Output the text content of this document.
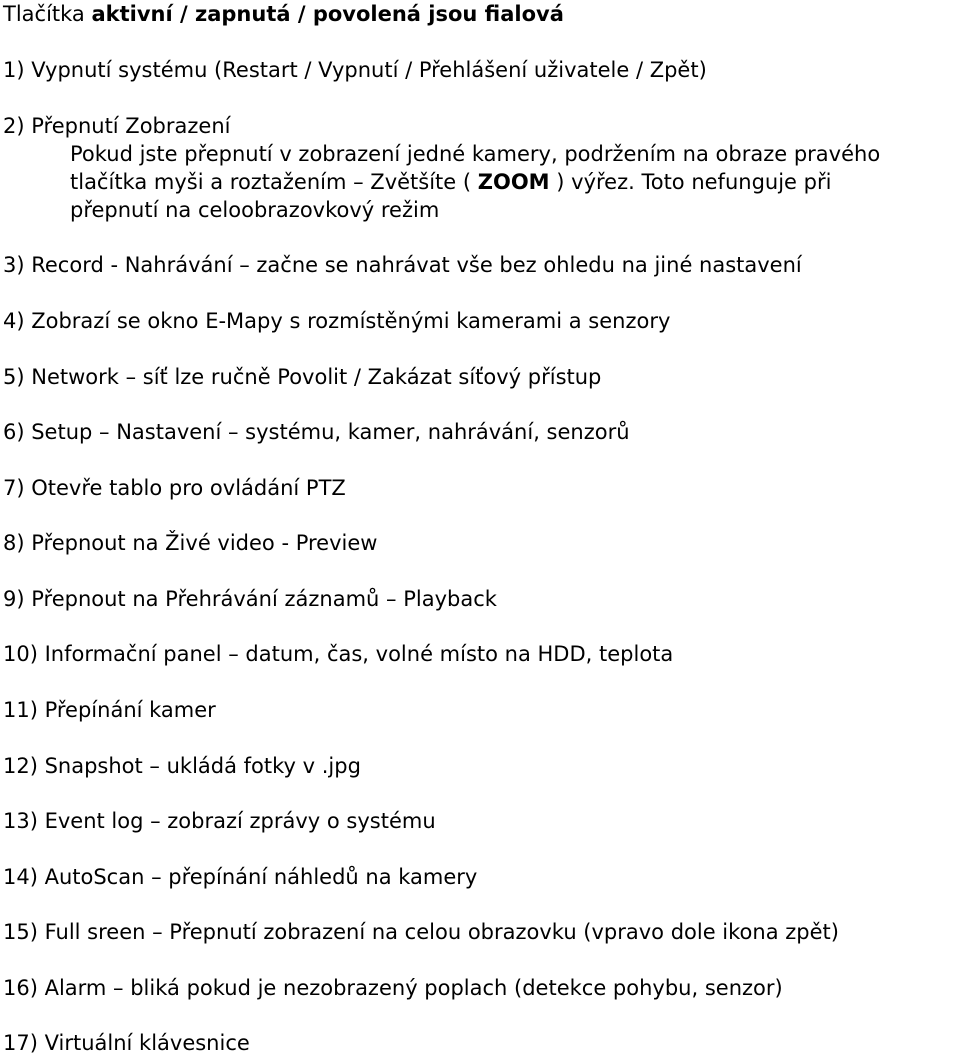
Tlačítka aktivní / zapnutá / povolená jsou fialová
1) Vypnutí systému (Restart / Vypnutí / Přehlášení uživatele / Zpět)
2) Přepnutí Zobrazení
Pokud jste přepnutí v zobrazení jedné kamery, podržením na obraze pravého
tlačítka myši a roztažením – Zvětšíte ( ZOOM ) výřez. Toto nefunguje při
přepnutí na celoobrazovkový režim
3) Record - Nahrávání – začne se nahrávat vše bez ohledu na jiné nastavení
4) Zobrazí se okno E-Mapy s rozmístěnými kamerami a senzory
5) Network – síť lze ručně Povolit / Zakázat síťový přístup
6) Setup – Nastavení – systému, kamer, nahrávání, senzorů
7) Otevře tablo pro ovládání PTZ
8) Přepnout na Živé video - Preview
9) Přepnout na Přehrávání záznamů – Playback
10) Informační panel – datum, čas, volné místo na HDD, teplota
11) Přepínání kamer
12) Snapshot – ukládá fotky v .jpg
13) Event log – zobrazí zprávy o systému
14) AutoScan – přepínání náhledů na kamery
15) Full sreen – Přepnutí zobrazení na celou obrazovku (vpravo dole ikona zpět)
16) Alarm – bliká pokud je nezobrazený poplach (detekce pohybu, senzor)
17) Virtuální klávesnice
